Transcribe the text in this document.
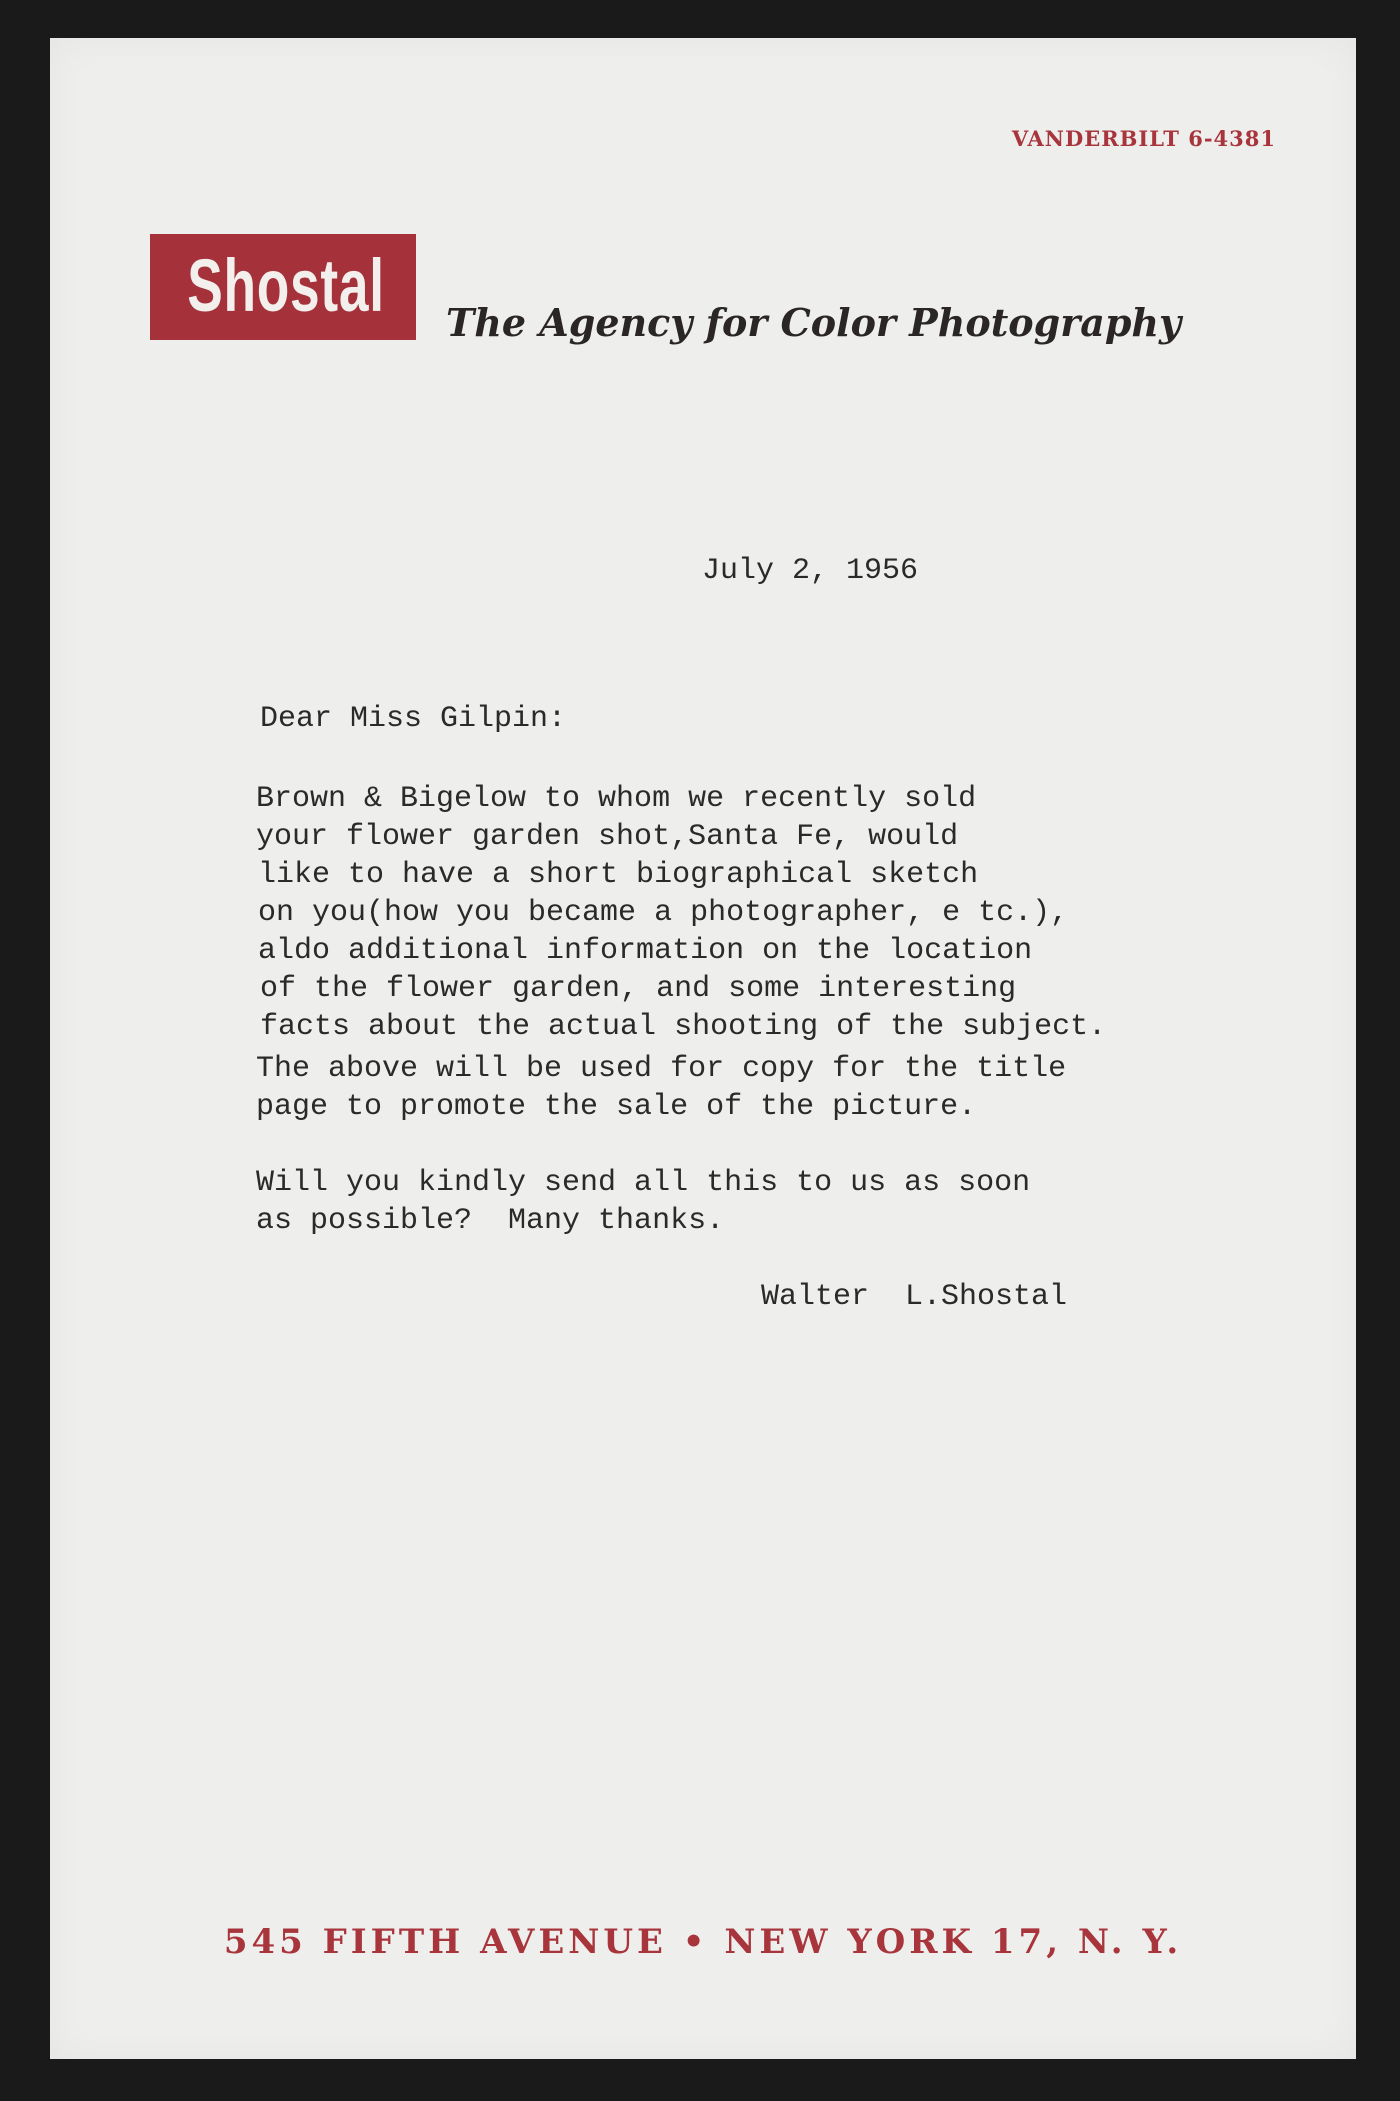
VANDERBILT 6-4381
Shostal The Agency for Color Photography
July 2, 1956
Dear Miss Gilpin:
Brown & Bigelow to whom we recently sold
your flower garden shot,Santa Fe, would
like to have a short biographical sketch
on you(how you became a photographer, e tc.),
aldo additional information on the location
of the flower garden, and some interesting
facts about the actual shooting of the subject.
The above will be used for copy for the title
page to promote the sale of the picture.
Will you kindly send all this to us as soon
as possible?  Many thanks.
Walter  L.Shostal
545 FIFTH AVENUE • NEW YORK 17, N. Y.
